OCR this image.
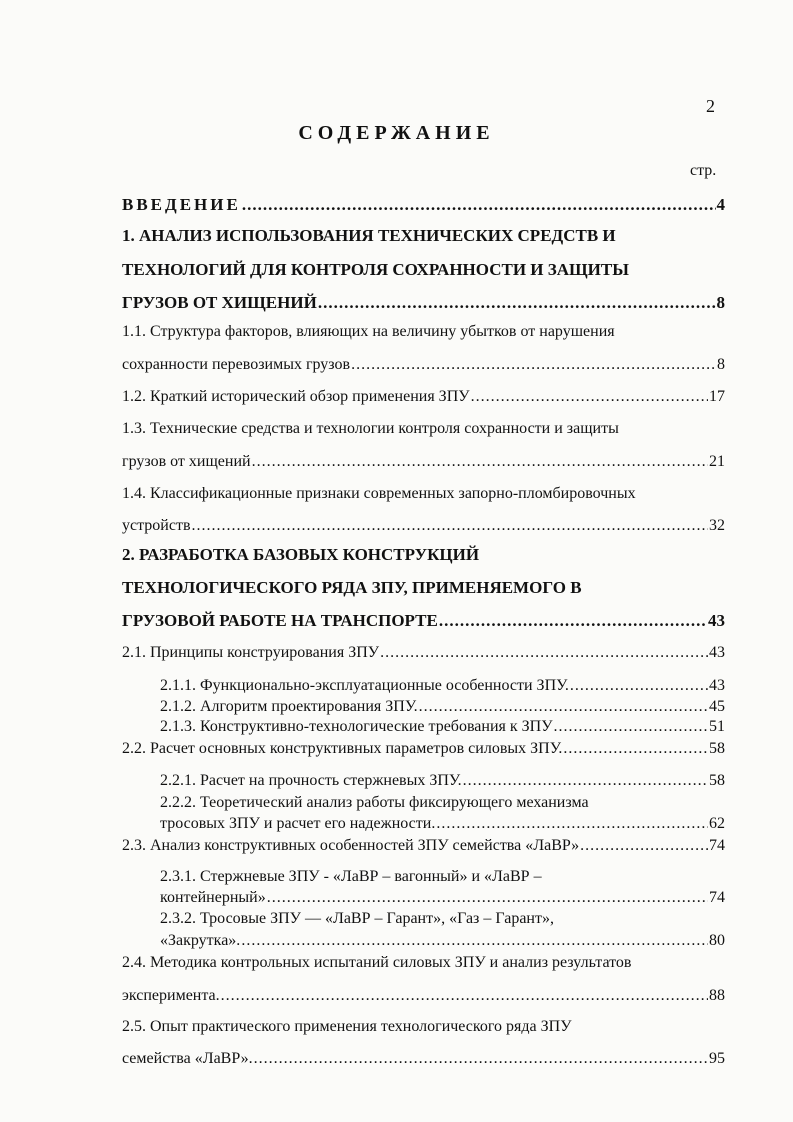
2
СОДЕРЖАНИЕ
стр.
ВВЕДЕНИЕ .....	4
1. АНАЛИЗ ИСПОЛЬЗОВАНИЯ ТЕХНИЧЕСКИХ СРЕДСТВ И
ТЕХНОЛОГИЙ ДЛЯ КОНТРОЛЯ СОХРАННОСТИ И ЗАЩИТЫ
ГРУЗОВ ОТ ХИЩЕНИЙ .....	8
1.1. Структура факторов, влияющих на величину убытков от нарушения
сохранности перевозимых грузов .....	8
1.2. Краткий исторический обзор применения ЗПУ .....	17
1.3. Технические средства и технологии контроля сохранности и защиты
грузов от хищений .....	21
1.4. Классификационные признаки современных запорно-пломбировочных
устройств .....	32
2. РАЗРАБОТКА БАЗОВЫХ КОНСТРУКЦИЙ
ТЕХНОЛОГИЧЕСКОГО РЯДА ЗПУ, ПРИМЕНЯЕМОГО В
ГРУЗОВОЙ РАБОТЕ НА ТРАНСПОРТЕ .....	43
2.1. Принципы конструирования ЗПУ .....	43
2.1.1. Функционально-эксплуатационные особенности ЗПУ. .....	43
2.1.2. Алгоритм проектирования ЗПУ. .....	45
2.1.3. Конструктивно-технологические требования к ЗПУ .....	51
2.2. Расчет основных конструктивных параметров силовых ЗПУ. .....	58
2.2.1. Расчет на прочность стержневых ЗПУ. .....	58
2.2.2. Теоретический анализ работы фиксирующего механизма
тросовых ЗПУ и расчет его надежности. .....	62
2.3. Анализ конструктивных особенностей ЗПУ семейства «ЛаВР» .....	74
2.3.1. Стержневые ЗПУ - «ЛаВР – вагонный» и «ЛаВР –
контейнерный» .....	74
2.3.2. Тросовые ЗПУ — «ЛаВР – Гарант», «Газ – Гарант»,
«Закрутка». .....	80
2.4. Методика контрольных испытаний силовых ЗПУ и анализ результатов
эксперимента. .....	88
2.5. Опыт практического применения технологического ряда ЗПУ
семейства «ЛаВР». .....	95
